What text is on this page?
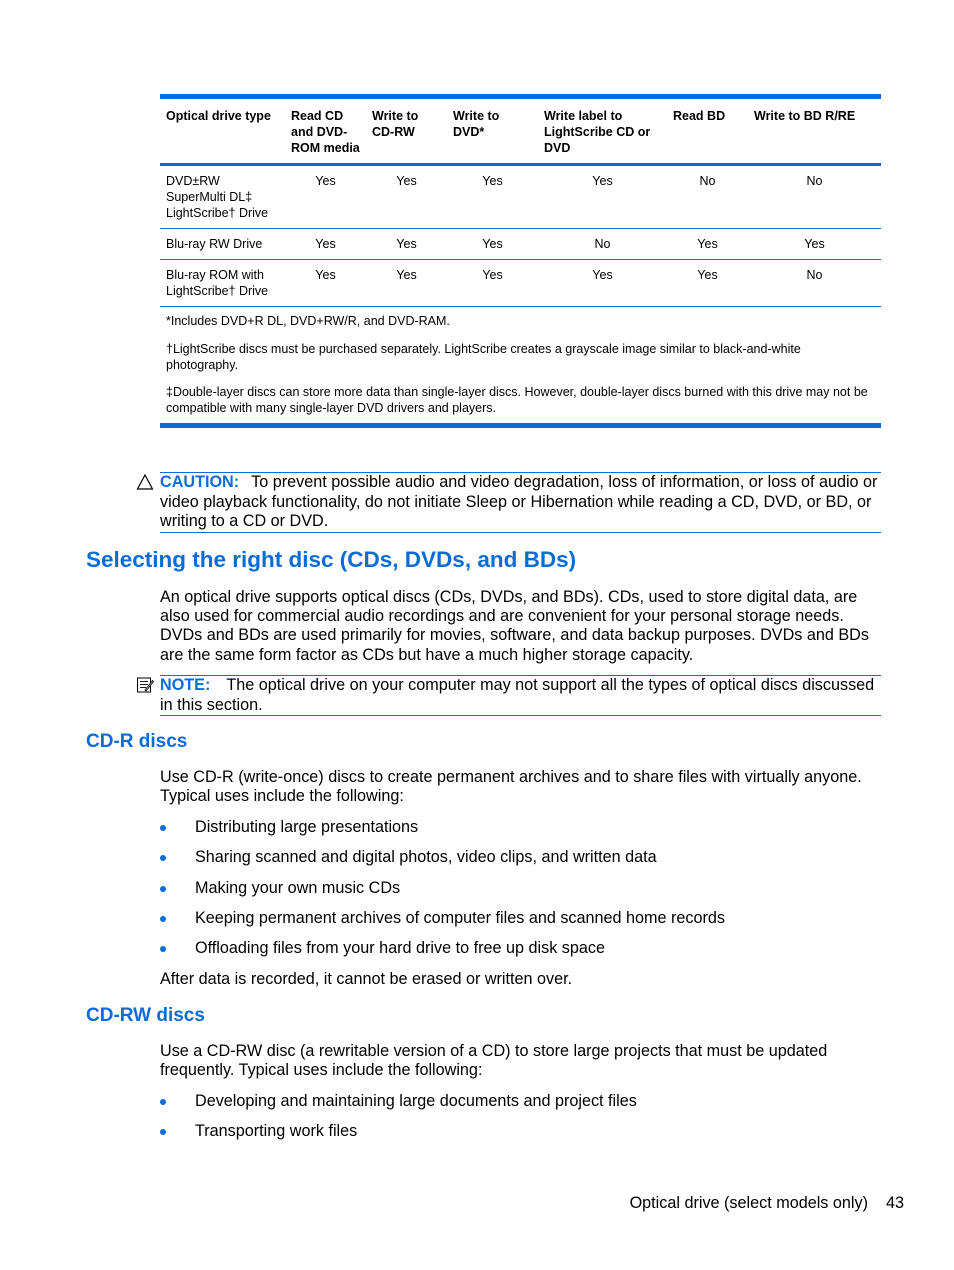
Optical drive type	Read CD and DVD-ROM media	Write to CD-RW	Write to DVD*	Write label to LightScribe CD or DVD	Read BD	Write to BD R/RE
DVD±RW SuperMulti DL‡ LightScribe† Drive	Yes	Yes	Yes	Yes	No	No
Blu-ray RW Drive	Yes	Yes	Yes	No	Yes	Yes
Blu-ray ROM with LightScribe† Drive	Yes	Yes	Yes	Yes	Yes	No

*Includes DVD+R DL, DVD+RW/R, and DVD-RAM.

†LightScribe discs must be purchased separately. LightScribe creates a grayscale image similar to black-and-white photography.

‡Double-layer discs can store more data than single-layer discs. However, double-layer discs burned with this drive may not be compatible with many single-layer DVD drivers and players.

CAUTION: To prevent possible audio and video degradation, loss of information, or loss of audio or video playback functionality, do not initiate Sleep or Hibernation while reading a CD, DVD, or BD, or writing to a CD or DVD.
Selecting the right disc (CDs, DVDs, and BDs)

An optical drive supports optical discs (CDs, DVDs, and BDs). CDs, used to store digital data, are also used for commercial audio recordings and are convenient for your personal storage needs. DVDs and BDs are used primarily for movies, software, and data backup purposes. DVDs and BDs are the same form factor as CDs but have a much higher storage capacity.

NOTE: The optical drive on your computer may not support all the types of optical discs discussed in this section.
CD-R discs

Use CD-R (write-once) discs to create permanent archives and to share files with virtually anyone. Typical uses include the following:

Distributing large presentations
Sharing scanned and digital photos, video clips, and written data
Making your own music CDs
Keeping permanent archives of computer files and scanned home records
Offloading files from your hard drive to free up disk space

After data is recorded, it cannot be erased or written over.

CD-RW discs

Use a CD-RW disc (a rewritable version of a CD) to store large projects that must be updated frequently. Typical uses include the following:

Developing and maintaining large documents and project files
Transporting work files
Optical drive (select models only) 43
